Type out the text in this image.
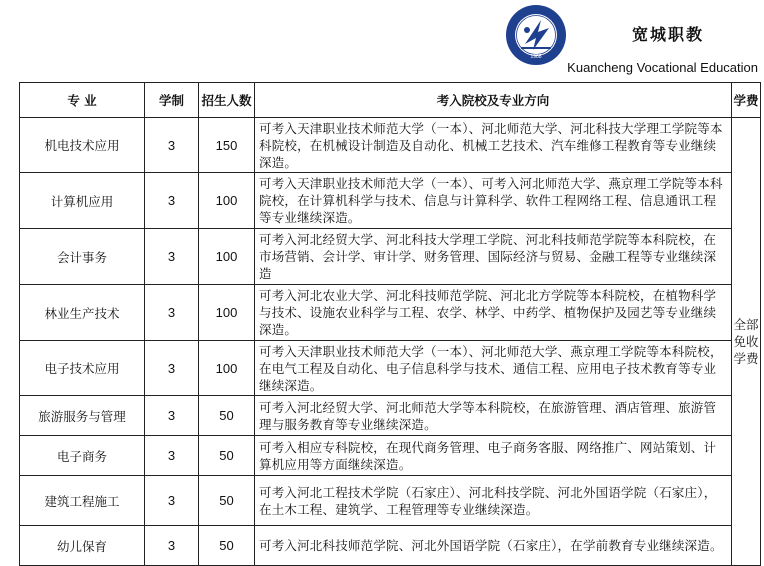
1988
宽城职教
Kuancheng Vocational Education
专 业	学制	招生人数	考入院校及专业方向	学费
机电技术应用	3	150	可考入天津职业技术师范大学（一本）、河北师范大学、河北科技大学理工学院等本科院校，在机械设计制造及自动化、机械工艺技术、汽车维修工程教育等专业继续深造。	全部免收学费
计算机应用	3	100	可考入天津职业技术师范大学（一本）、可考入河北师范大学、燕京理工学院等本科院校，在计算机科学与技术、信息与计算科学、软件工程网络工程、信息通讯工程等专业继续深造。	
会计事务	3	100	可考入河北经贸大学、河北科技大学理工学院、河北科技师范学院等本科院校，在市场营销、会计学、审计学、财务管理、国际经济与贸易、金融工程等专业继续深造	
林业生产技术	3	100	可考入河北农业大学、河北科技师范学院、河北北方学院等本科院校，在植物科学与技术、设施农业科学与工程、农学、林学、中药学、植物保护及园艺等专业继续深造。	
电子技术应用	3	100	可考入天津职业技术师范大学（一本）、河北师范大学、燕京理工学院等本科院校，在电气工程及自动化、电子信息科学与技术、通信工程、应用电子技术教育等专业继续深造。	
旅游服务与管理	3	50	可考入河北经贸大学、河北师范大学等本科院校，在旅游管理、酒店管理、旅游管理与服务教育等专业继续深造。	
电子商务	3	50	可考入相应专科院校，在现代商务管理、电子商务客服、网络推广、网站策划、计算机应用等方面继续深造。	
建筑工程施工	3	50	可考入河北工程技术学院（石家庄）、河北科技学院、河北外国语学院（石家庄），在土木工程、建筑学、工程管理等专业继续深造。	
幼儿保育	3	50	可考入河北科技师范学院、河北外国语学院（石家庄），在学前教育专业继续深造。	
